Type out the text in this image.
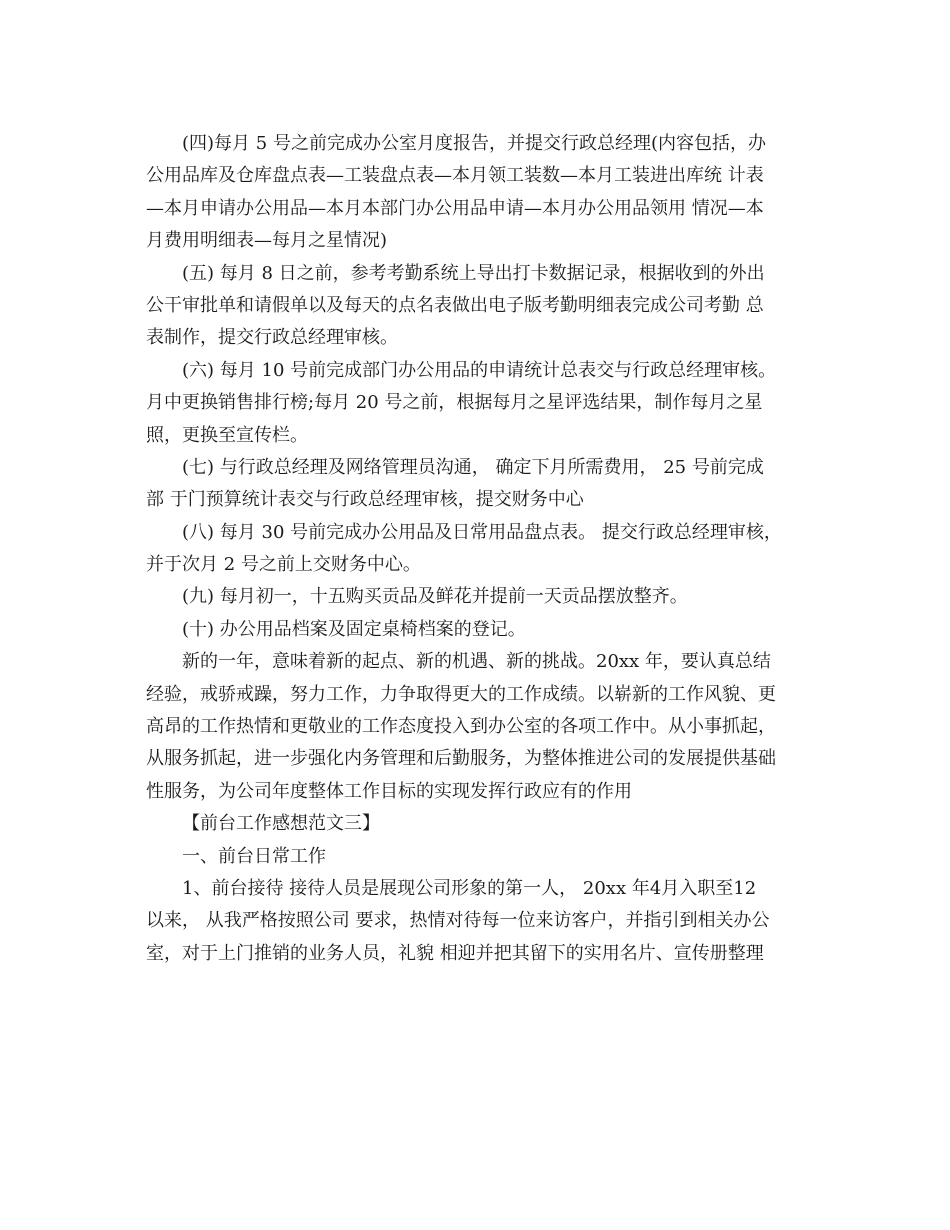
(四)每月 5 号之前完成办公室月度报告，并提交行政总经理(内容包括，办
公用品库及仓库盘点表—工装盘点表—本月领工装数—本月工装进出库统 计表
—本月申请办公用品—本月本部门办公用品申请—本月办公用品领用 情况—本
月费用明细表—每月之星情况)
(五) 每月 8 日之前，参考考勤系统上导出打卡数据记录，根据收到的外出
公干审批单和请假单以及每天的点名表做出电子版考勤明细表完成公司考勤 总
表制作，提交行政总经理审核。
(六) 每月 10 号前完成部门办公用品的申请统计总表交与行政总经理审核。
月中更换销售排行榜;每月 20 号之前，根据每月之星评选结果，制作每月之星
照，更换至宣传栏。
(七) 与行政总经理及网络管理员沟通， 确定下月所需费用， 25 号前完成
部 于门预算统计表交与行政总经理审核，提交财务中心
(八) 每月 30 号前完成办公用品及日常用品盘点表。 提交行政总经理审核，
并于次月 2 号之前上交财务中心。
(九) 每月初一，十五购买贡品及鲜花并提前一天贡品摆放整齐。
(十) 办公用品档案及固定桌椅档案的登记。
新的一年，意味着新的起点、新的机遇、新的挑战。20xx 年，要认真总结
经验，戒骄戒躁，努力工作，力争取得更大的工作成绩。以崭新的工作风貌、更
高昂的工作热情和更敬业的工作态度投入到办公室的各项工作中。从小事抓起，
从服务抓起，进一步强化内务管理和后勤服务，为整体推进公司的发展提供基础
性服务，为公司年度整体工作目标的实现发挥行政应有的作用
【前台工作感想范文三】
一、前台日常工作
1、前台接待 接待人员是展现公司形象的第一人， 20xx 年4月入职至12
以来， 从我严格按照公司 要求，热情对待每一位来访客户，并指引到相关办公
室，对于上门推销的业务人员，礼貌 相迎并把其留下的实用名片、宣传册整理
